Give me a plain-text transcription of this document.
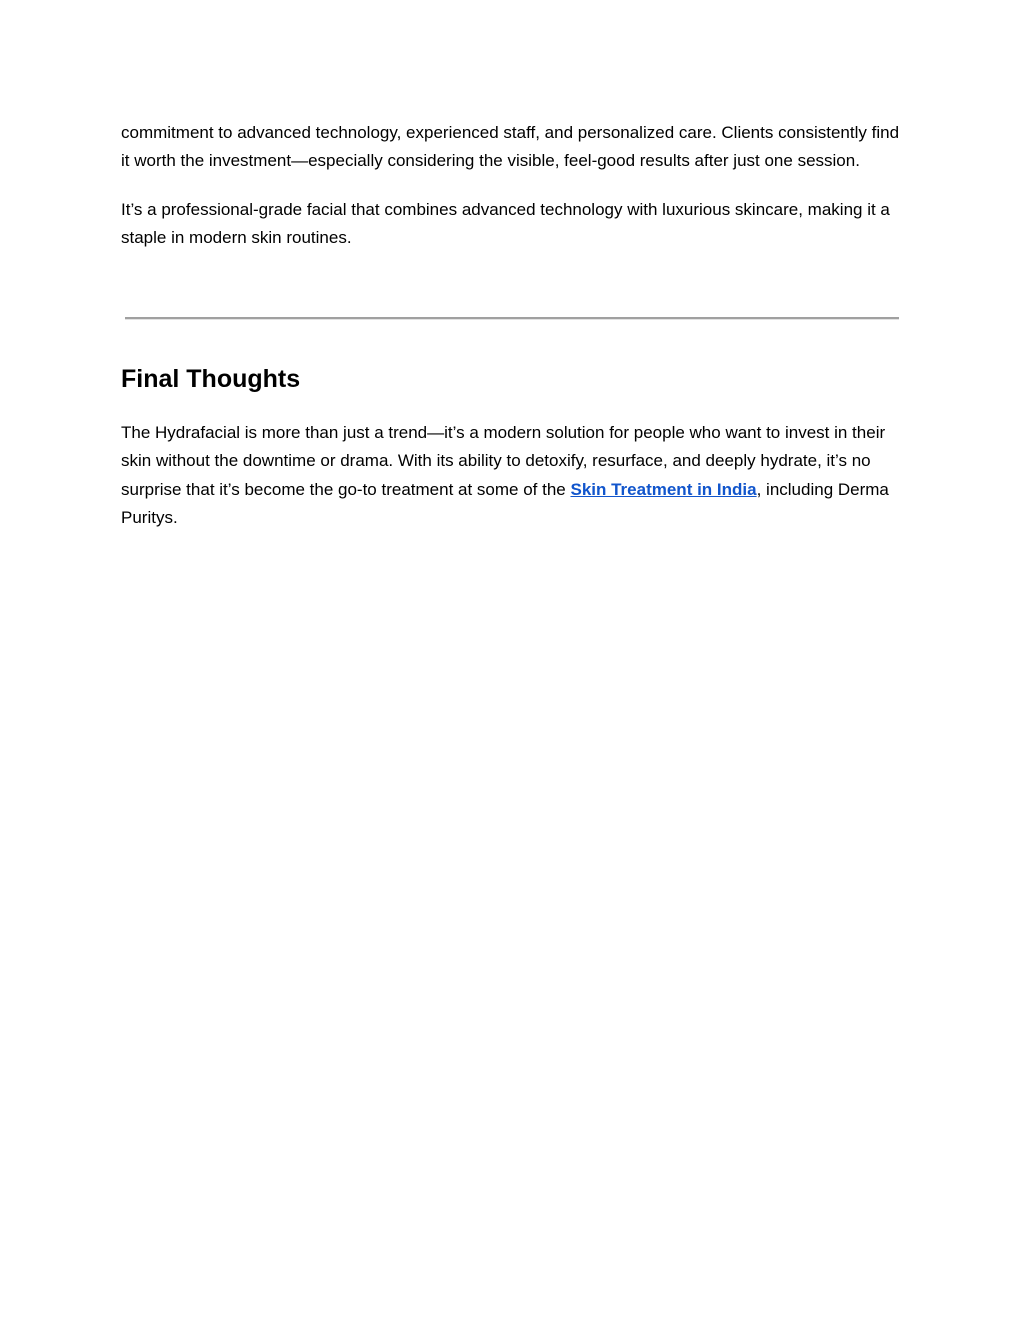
commitment to advanced technology, experienced staff, and personalized care. Clients consistently find it worth the investment—especially considering the visible, feel-good results after just one session.

It’s a professional-grade facial that combines advanced technology with luxurious skincare, making it a staple in modern skin routines.

Final Thoughts

The Hydrafacial is more than just a trend—it’s a modern solution for people who want to invest in their skin without the downtime or drama. With its ability to detoxify, resurface, and deeply hydrate, it’s no surprise that it’s become the go-to treatment at some of the Skin Treatment in India, including Derma Puritys.
